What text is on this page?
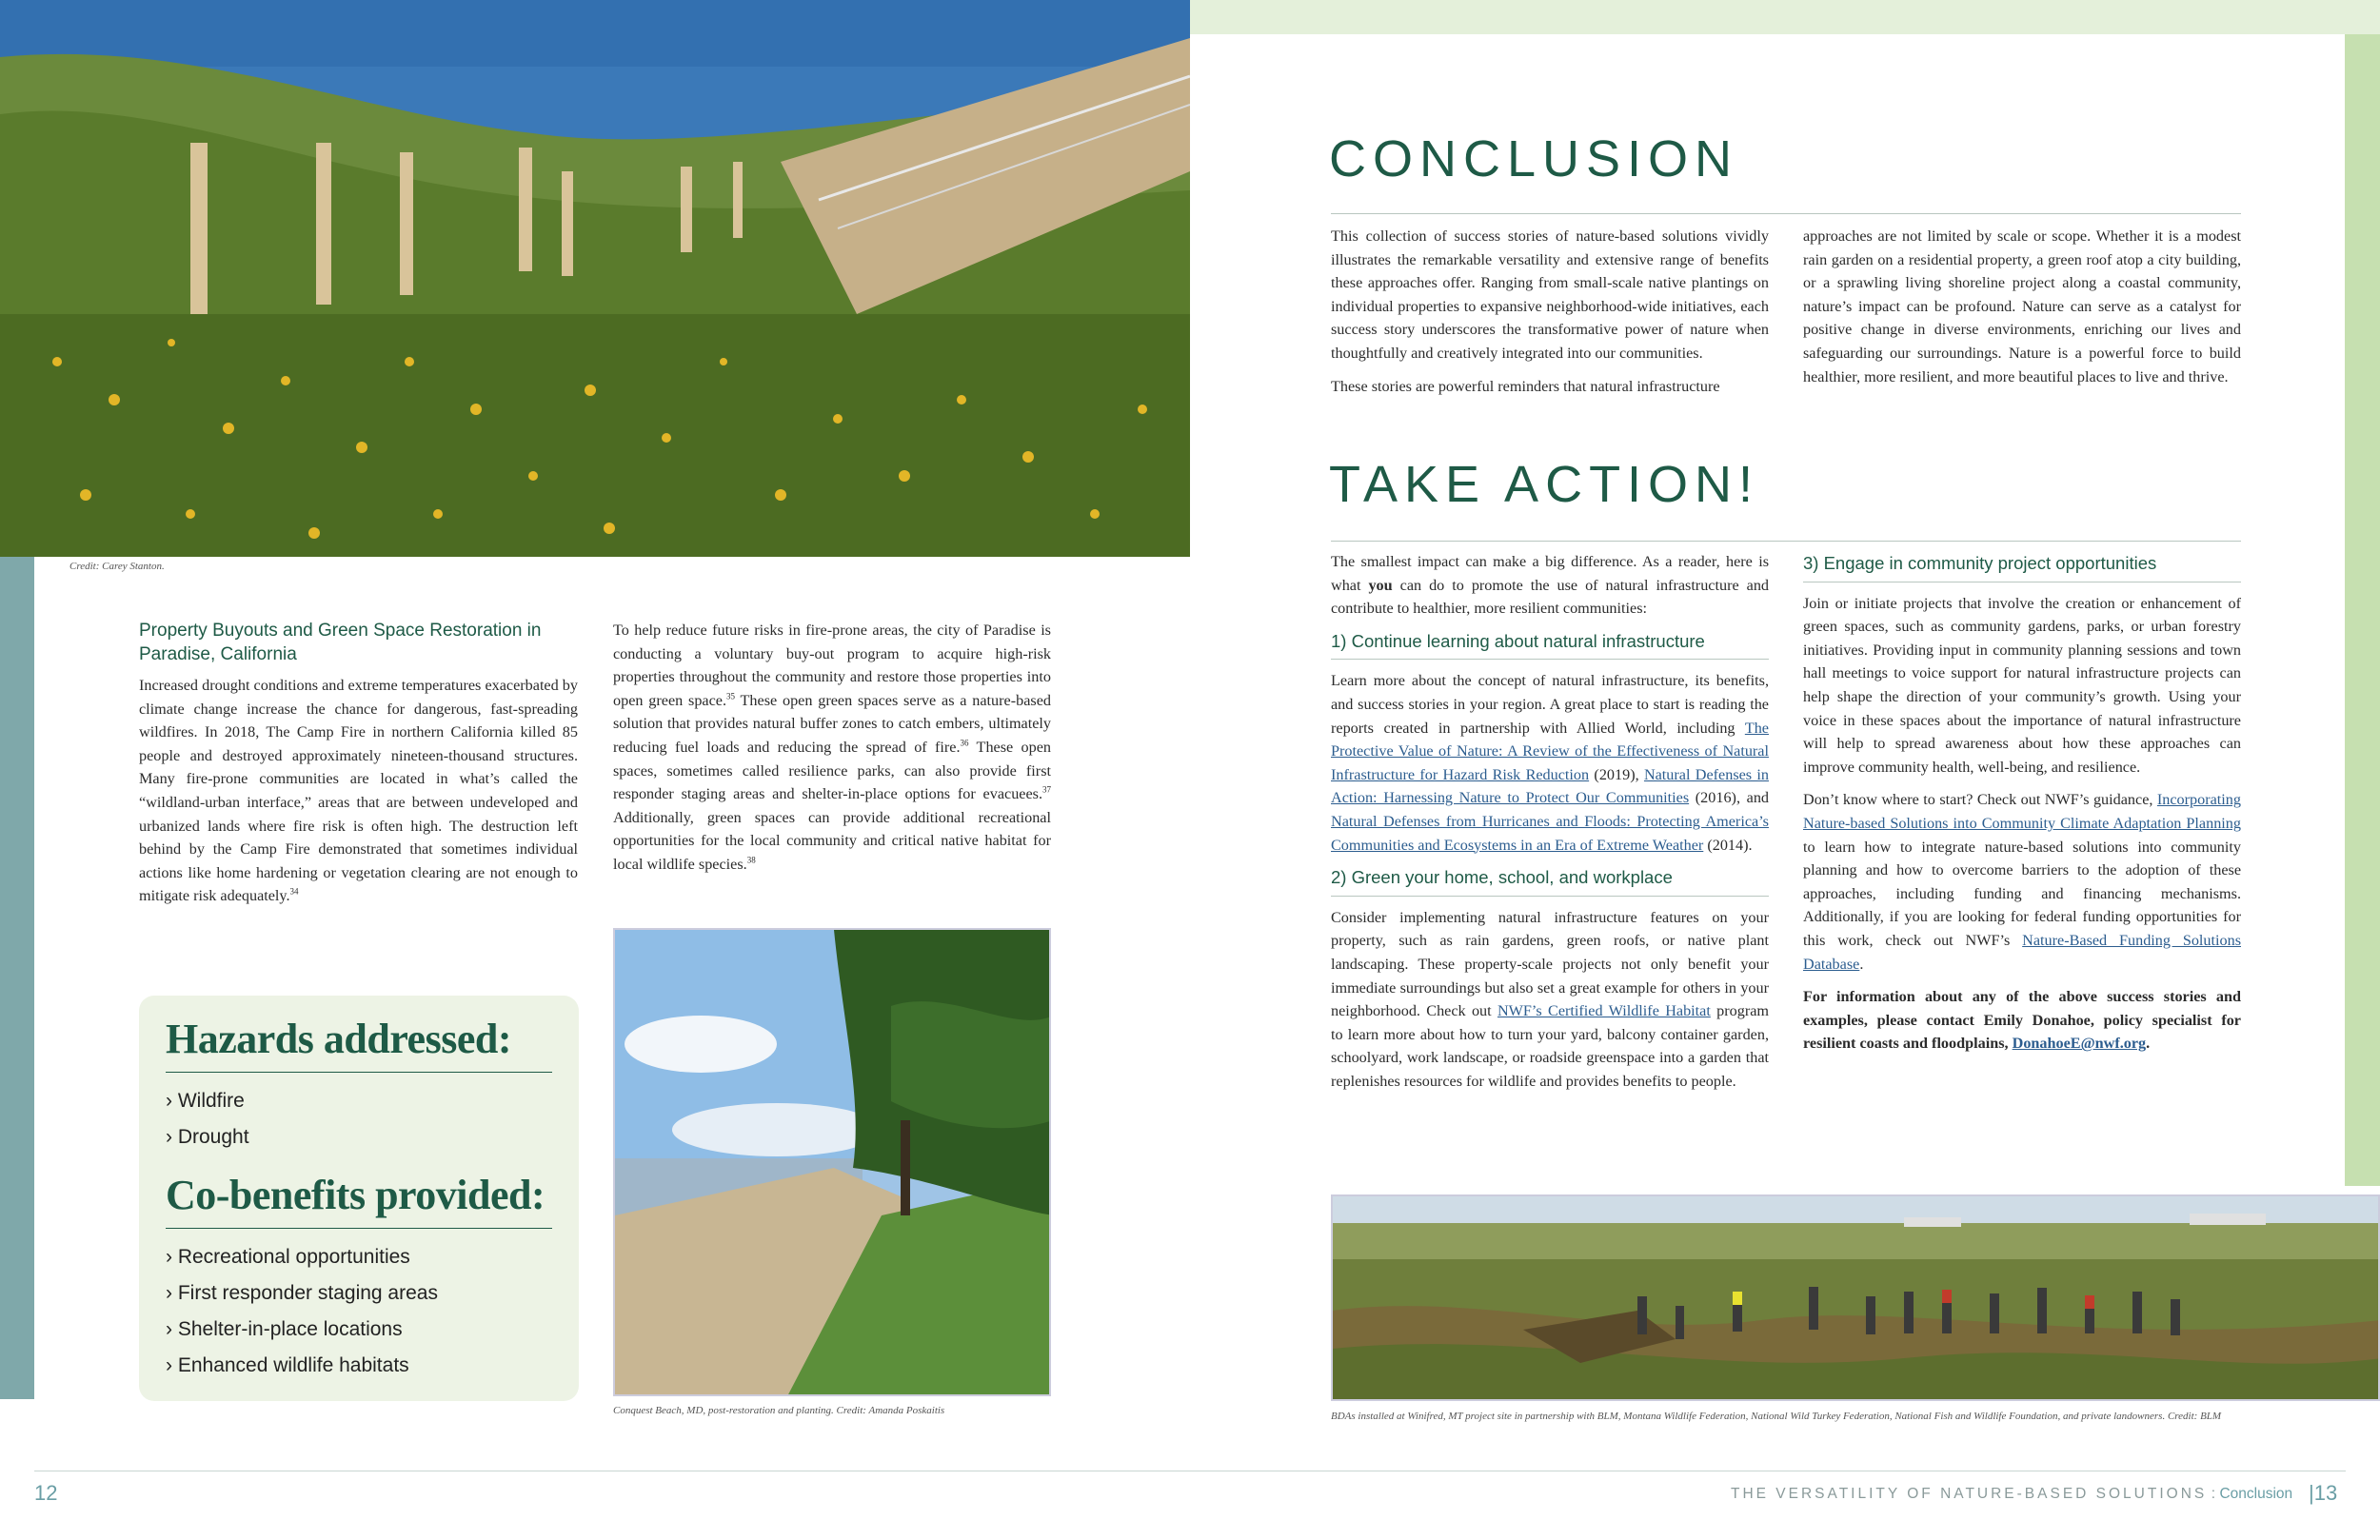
Credit: Carey Stanton.
Property Buyouts and Green Space Restoration in Paradise, California

Increased drought conditions and extreme temperatures exacerbated by climate change increase the chance for dangerous, fast-spreading wildfires. In 2018, The Camp Fire in northern California killed 85 people and destroyed approximately nineteen-thousand structures. Many fire-prone communities are located in what’s called the “wildland-urban interface,” areas that are between undeveloped and urbanized lands where fire risk is often high. The destruction left behind by the Camp Fire demonstrated that sometimes individual actions like home hardening or vegetation clearing are not enough to mitigate risk adequately.$^{34}$

To help reduce future risks in fire-prone areas, the city of Paradise is conducting a voluntary buy-out program to acquire high-risk properties throughout the community and restore those properties into open green space.$^{35}$ These open green spaces serve as a nature-based solution that provides natural buffer zones to catch embers, ultimately reducing fuel loads and reducing the spread of fire.$^{36}$ These open spaces, sometimes called resilience parks, can also provide first responder staging areas and shelter-in-place options for evacuees.$^{37}$ Additionally, green spaces can provide additional recreational opportunities for the local community and critical native habitat for local wildlife species.$^{38}$

Hazards addressed:
› Wildfire
› Drought
Co-benefits provided:
› Recreational opportunities
› First responder staging areas
› Shelter-in-place locations
› Enhanced wildlife habitats
Conquest Beach, MD, post-restoration and planting. Credit: Amanda Poskaitis
CONCLUSION

This collection of success stories of nature-based solutions vividly illustrates the remarkable versatility and extensive range of benefits these approaches offer. Ranging from small-scale native plantings on individual properties to expansive neighborhood-wide initiatives, each success story underscores the transformative power of nature when thoughtfully and creatively integrated into our communities.

These stories are powerful reminders that natural infrastructure

approaches are not limited by scale or scope. Whether it is a modest rain garden on a residential property, a green roof atop a city building, or a sprawling living shoreline project along a coastal community, nature’s impact can be profound. Nature can serve as a catalyst for positive change in diverse environments, enriching our lives and safeguarding our surroundings. Nature is a powerful force to build healthier, more resilient, and more beautiful places to live and thrive.

TAKE ACTION!

The smallest impact can make a big difference. As a reader, here is what you can do to promote the use of natural infrastructure and contribute to healthier, more resilient communities:

1) Continue learning about natural infrastructure

Learn more about the concept of natural infrastructure, its benefits, and success stories in your region. A great place to start is reading the reports created in partnership with Allied World, including The Protective Value of Nature: A Review of the Effectiveness of Natural Infrastructure for Hazard Risk Reduction (2019), Natural Defenses in Action: Harnessing Nature to Protect Our Communities (2016), and Natural Defenses from Hurricanes and Floods: Protecting America’s Communities and Ecosystems in an Era of Extreme Weather (2014).

2) Green your home, school, and workplace

Consider implementing natural infrastructure features on your property, such as rain gardens, green roofs, or native plant landscaping. These property-scale projects not only benefit your immediate surroundings but also set a great example for others in your neighborhood. Check out NWF’s Certified Wildlife Habitat program to learn more about how to turn your yard, balcony container garden, schoolyard, work landscape, or roadside greenspace into a garden that replenishes resources for wildlife and provides benefits to people.

3) Engage in community project opportunities

Join or initiate projects that involve the creation or enhancement of green spaces, such as community gardens, parks, or urban forestry initiatives. Providing input in community planning sessions and town hall meetings to voice support for natural infrastructure projects can help shape the direction of your community’s growth. Using your voice in these spaces about the importance of natural infrastructure will help to spread awareness about how these approaches can improve community health, well-being, and resilience.

Don’t know where to start? Check out NWF’s guidance, Incorporating Nature-based Solutions into Community Climate Adaptation Planning to learn how to integrate nature-based solutions into community planning and how to overcome barriers to the adoption of these approaches, including funding and financing mechanisms. Additionally, if you are looking for federal funding opportunities for this work, check out NWF’s Nature-Based Funding Solutions Database.

For information about any of the above success stories and examples, please contact Emily Donahoe, policy specialist for resilient coasts and floodplains, DonahoeE@nwf.org.

BDAs installed at Winifred, MT project site in partnership with BLM, Montana Wildlife Federation, National Wild Turkey Federation, National Fish and Wildlife Foundation, and private landowners. Credit: BLM
12	THE VERSATILITY OF NATURE-BASED SOLUTIONS : Conclusion |13
